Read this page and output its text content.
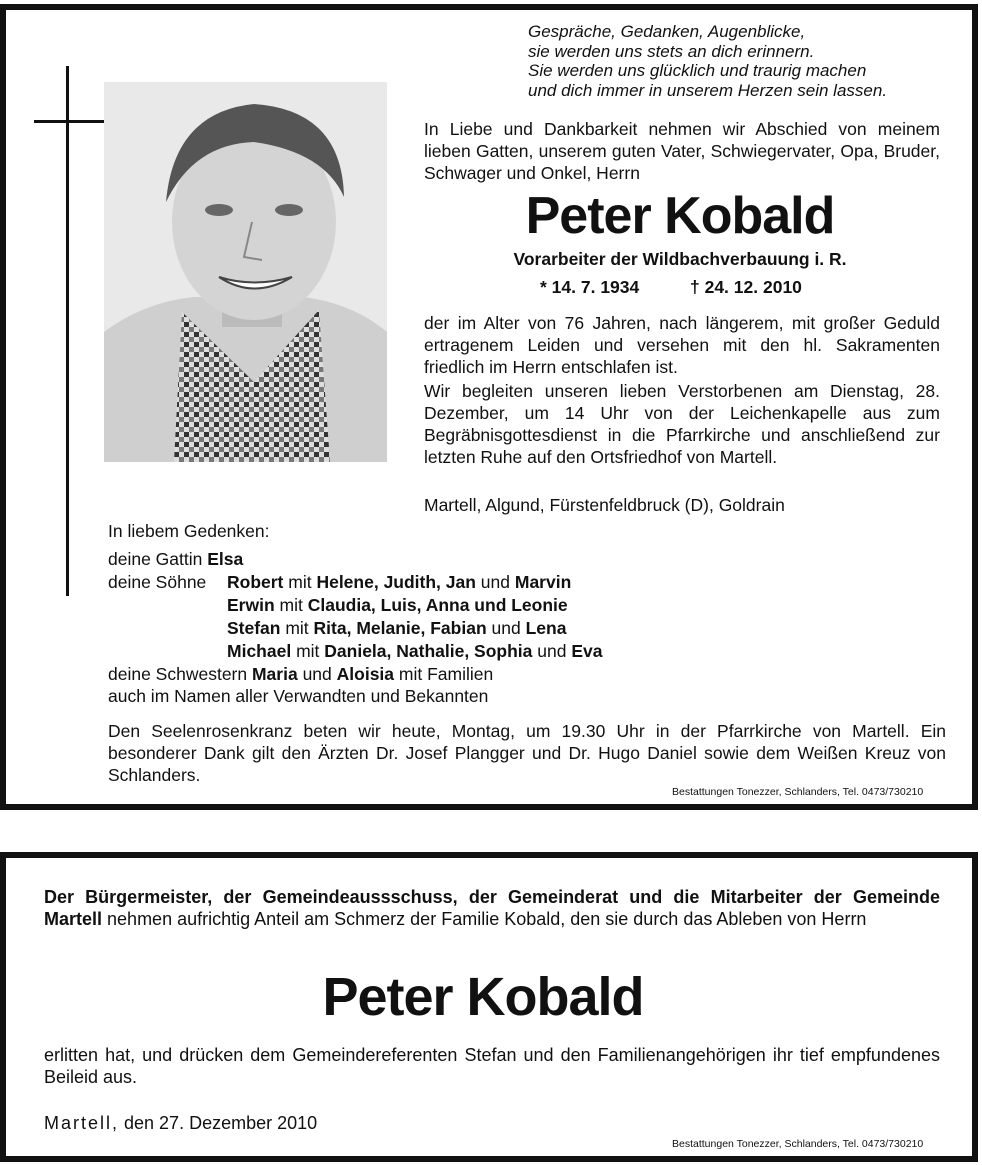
Gespräche, Gedanken, Augenblicke,
sie werden uns stets an dich erinnern.
Sie werden uns glücklich und traurig machen
und dich immer in unserem Herzen sein lassen.
In Liebe und Dankbarkeit nehmen wir Abschied von meinem lieben Gatten, unserem guten Vater, Schwiegervater, Opa, Bruder, Schwager und Onkel, Herrn
Peter Kobald
Vorarbeiter der Wildbachverbauung i. R.
* 14. 7. 1934	† 24. 12. 2010
der im Alter von 76 Jahren, nach längerem, mit großer Geduld ertragenem Leiden und versehen mit den hl. Sakramenten friedlich im Herrn entschlafen ist.
Wir begleiten unseren lieben Verstorbenen am Dienstag, 28. Dezember, um 14 Uhr von der Leichenkapelle aus zum Begräbnisgottesdienst in die Pfarrkirche und anschließend zur letzten Ruhe auf den Ortsfriedhof von Martell.
Martell, Algund, Fürstenfeldbruck (D), Goldrain
In liebem Gedenken:
deine Gattin Elsa
deine Söhne Robert mit Helene, Judith, Jan und Marvin
Erwin mit Claudia, Luis, Anna und Leonie
Stefan mit Rita, Melanie, Fabian und Lena
Michael mit Daniela, Nathalie, Sophia und Eva
deine Schwestern Maria und Aloisia mit Familien
auch im Namen aller Verwandten und Bekannten
Den Seelenrosenkranz beten wir heute, Montag, um 19.30 Uhr in der Pfarrkirche von Martell. Ein besonderer Dank gilt den Ärzten Dr. Josef Plangger und Dr. Hugo Daniel sowie dem Weißen Kreuz von Schlanders.
Bestattungen Tonezzer, Schlanders, Tel. 0473/730210
Der Bürgermeister, der Gemeindeaussschuss, der Gemeinderat und die Mitarbeiter der Gemeinde Martell nehmen aufrichtig Anteil am Schmerz der Familie Kobald, den sie durch das Ableben von Herrn
Peter Kobald
erlitten hat, und drücken dem Gemeindereferenten Stefan und den Familienangehörigen ihr tief empfundenes Beileid aus.
Martell, den 27. Dezember 2010
Bestattungen Tonezzer, Schlanders, Tel. 0473/730210
